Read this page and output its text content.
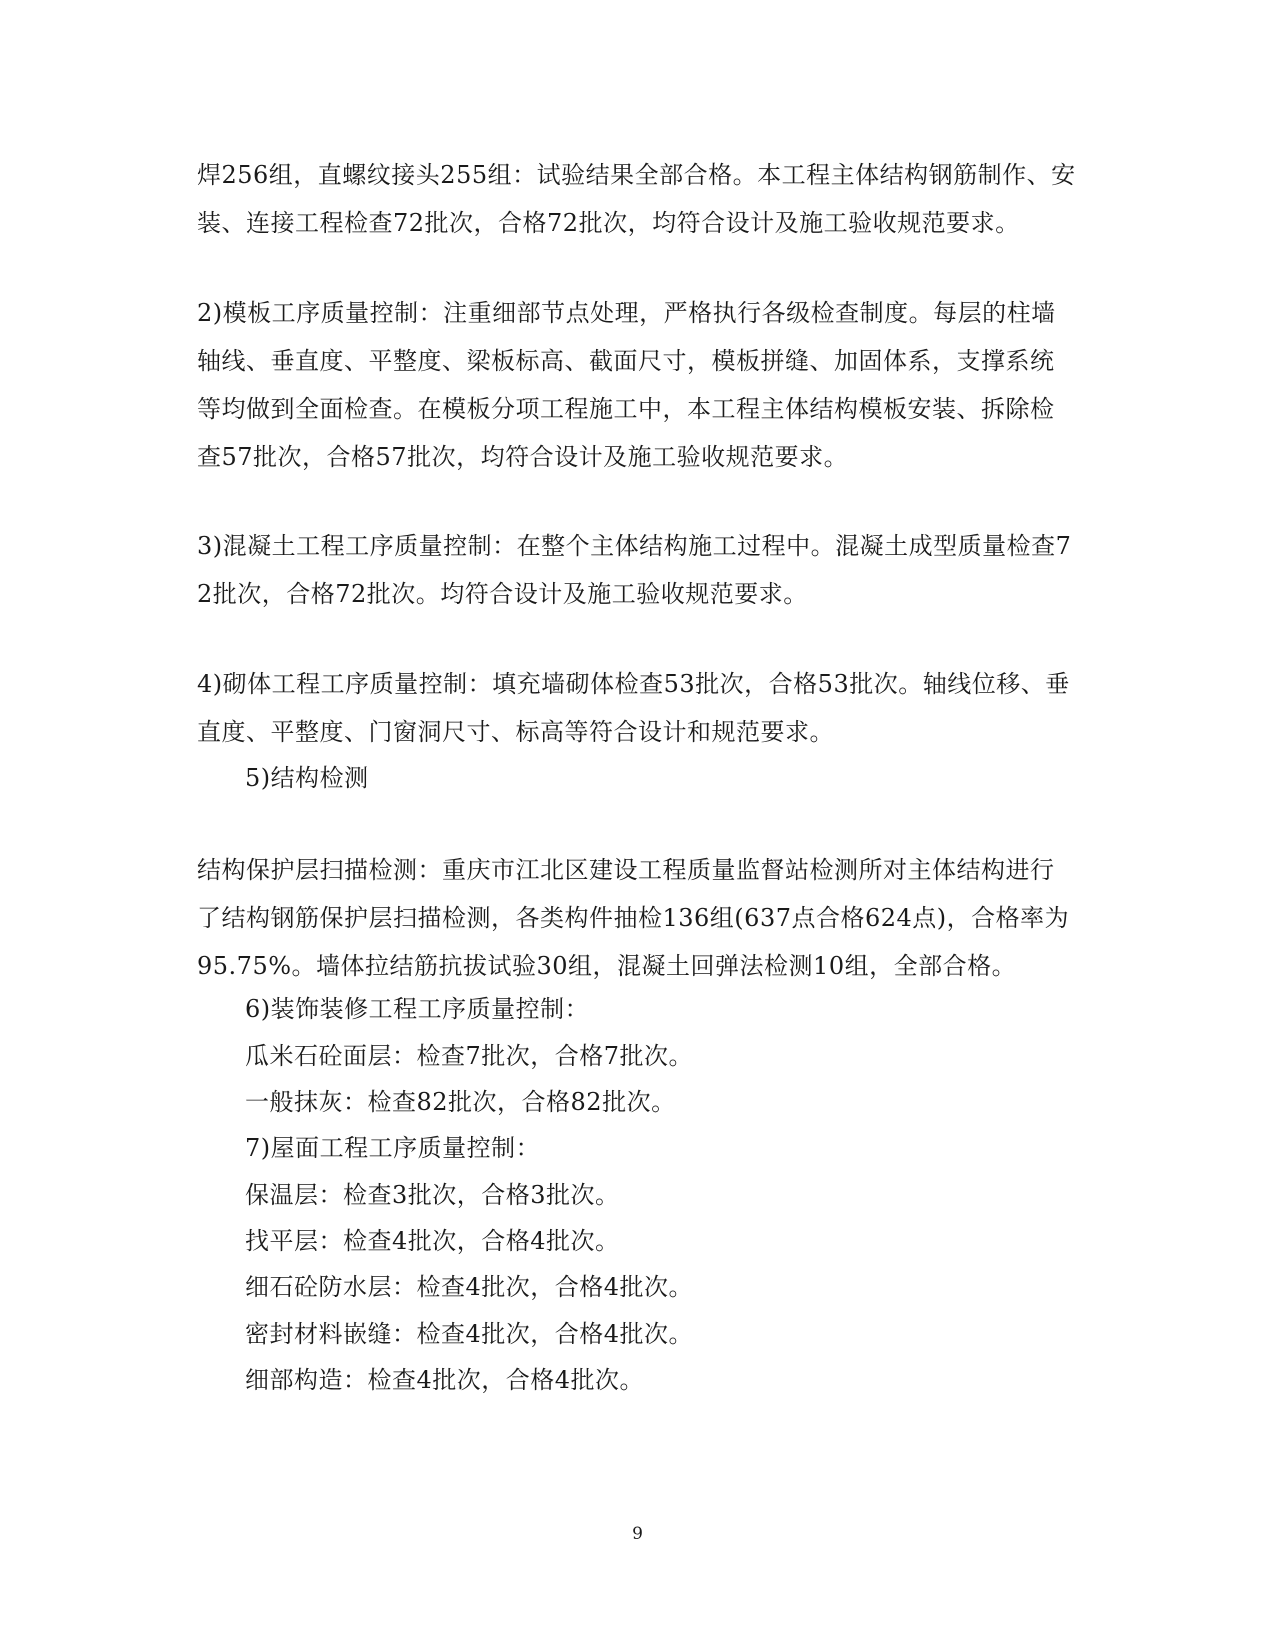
焊256组，直螺纹接头255组：试验结果全部合格。本工程主体结构钢筋制作、安装、连接工程检查72批次，合格72批次，均符合设计及施工验收规范要求。
2)模板工序质量控制：注重细部节点处理，严格执行各级检查制度。每层的柱墙轴线、垂直度、平整度、梁板标高、截面尺寸，模板拼缝、加固体系，支撑系统等均做到全面检查。在模板分项工程施工中，本工程主体结构模板安装、拆除检查57批次，合格57批次，均符合设计及施工验收规范要求。
3)混凝土工程工序质量控制：在整个主体结构施工过程中。混凝土成型质量检查72批次，合格72批次。均符合设计及施工验收规范要求。
4)砌体工程工序质量控制：填充墙砌体检查53批次，合格53批次。轴线位移、垂直度、平整度、门窗洞尺寸、标高等符合设计和规范要求。
5)结构检测
结构保护层扫描检测：重庆市江北区建设工程质量监督站检测所对主体结构进行了结构钢筋保护层扫描检测，各类构件抽检136组(637点合格624点)，合格率为95.75%。墙体拉结筋抗拔试验30组，混凝土回弹法检测10组，全部合格。
6)装饰装修工程工序质量控制：
瓜米石砼面层：检查7批次，合格7批次。
一般抹灰：检查82批次，合格82批次。
7)屋面工程工序质量控制：
保温层：检查3批次，合格3批次。
找平层：检查4批次，合格4批次。
细石砼防水层：检查4批次，合格4批次。
密封材料嵌缝：检查4批次，合格4批次。
细部构造：检查4批次，合格4批次。
9
